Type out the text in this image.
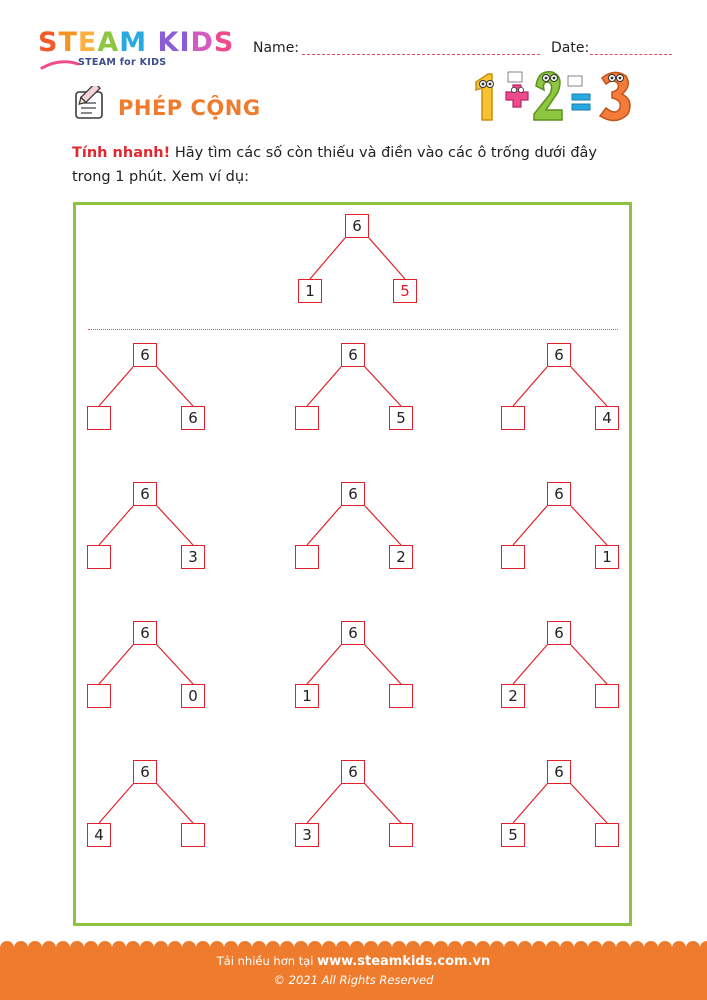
STEAM KIDS
STEAM for KIDS
Name:	Date:
PHÉP CỘNG
Tính nhanh! Hãy tìm các số còn thiếu và điền vào các ô trống dưới đây trong 1 phút. Xem ví dụ:
6
1	5
6
6
6
5
6
4
6
3
6
2
6
1
6
0
6
1
6
2
6
4
6
3
6
5
Tải nhiều hơn tại www.steamkids.com.vn
© 2021 All Rights Reserved
